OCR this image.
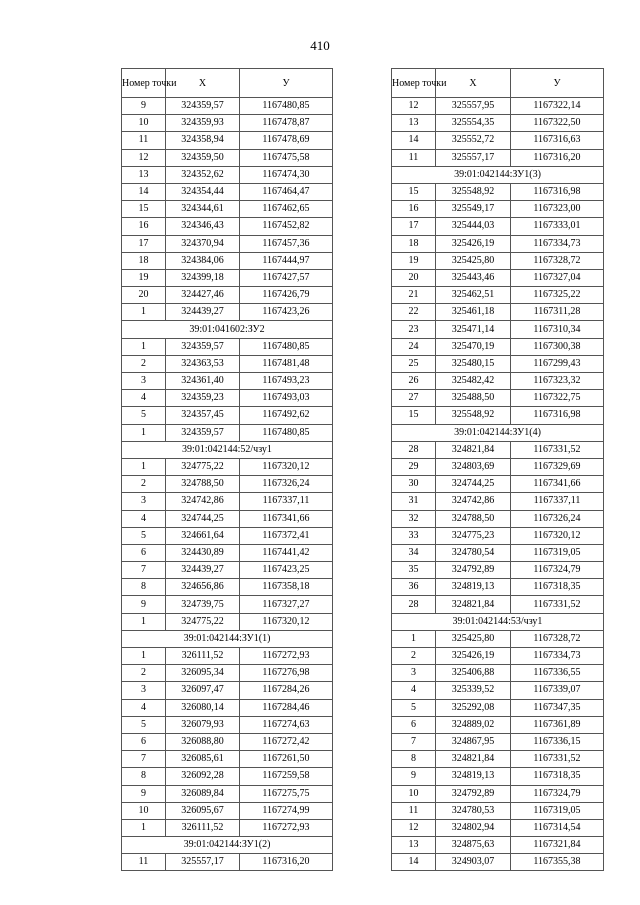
410
Номер точки	Х	У
9	324359,57	1167480,85
10	324359,93	1167478,87
11	324358,94	1167478,69
12	324359,50	1167475,58
13	324352,62	1167474,30
14	324354,44	1167464,47
15	324344,61	1167462,65
16	324346,43	1167452,82
17	324370,94	1167457,36
18	324384,06	1167444,97
19	324399,18	1167427,57
20	324427,46	1167426,79
1	324439,27	1167423,26
39:01:041602:ЗУ2		
1	324359,57	1167480,85
2	324363,53	1167481,48
3	324361,40	1167493,23
4	324359,23	1167493,03
5	324357,45	1167492,62
1	324359,57	1167480,85
39:01:042144:52/чзу1		
1	324775,22	1167320,12
2	324788,50	1167326,24
3	324742,86	1167337,11
4	324744,25	1167341,66
5	324661,64	1167372,41
6	324430,89	1167441,42
7	324439,27	1167423,25
8	324656,86	1167358,18
9	324739,75	1167327,27
1	324775,22	1167320,12
39:01:042144:ЗУ1(1)		
1	326111,52	1167272,93
2	326095,34	1167276,98
3	326097,47	1167284,26
4	326080,14	1167284,46
5	326079,93	1167274,63
6	326088,80	1167272,42
7	326085,61	1167261,50
8	326092,28	1167259,58
9	326089,84	1167275,75
10	326095,67	1167274,99
1	326111,52	1167272,93
39:01:042144:ЗУ1(2)		
11	325557,17	1167316,20
Номер точки	Х	У
12	325557,95	1167322,14
13	325554,35	1167322,50
14	325552,72	1167316,63
11	325557,17	1167316,20
39:01:042144:ЗУ1(3)		
15	325548,92	1167316,98
16	325549,17	1167323,00
17	325444,03	1167333,01
18	325426,19	1167334,73
19	325425,80	1167328,72
20	325443,46	1167327,04
21	325462,51	1167325,22
22	325461,18	1167311,28
23	325471,14	1167310,34
24	325470,19	1167300,38
25	325480,15	1167299,43
26	325482,42	1167323,32
27	325488,50	1167322,75
15	325548,92	1167316,98
39:01:042144:ЗУ1(4)		
28	324821,84	1167331,52
29	324803,69	1167329,69
30	324744,25	1167341,66
31	324742,86	1167337,11
32	324788,50	1167326,24
33	324775,23	1167320,12
34	324780,54	1167319,05
35	324792,89	1167324,79
36	324819,13	1167318,35
28	324821,84	1167331,52
39:01:042144:53/чзу1		
1	325425,80	1167328,72
2	325426,19	1167334,73
3	325406,88	1167336,55
4	325339,52	1167339,07
5	325292,08	1167347,35
6	324889,02	1167361,89
7	324867,95	1167336,15
8	324821,84	1167331,52
9	324819,13	1167318,35
10	324792,89	1167324,79
11	324780,53	1167319,05
12	324802,94	1167314,54
13	324875,63	1167321,84
14	324903,07	1167355,38
